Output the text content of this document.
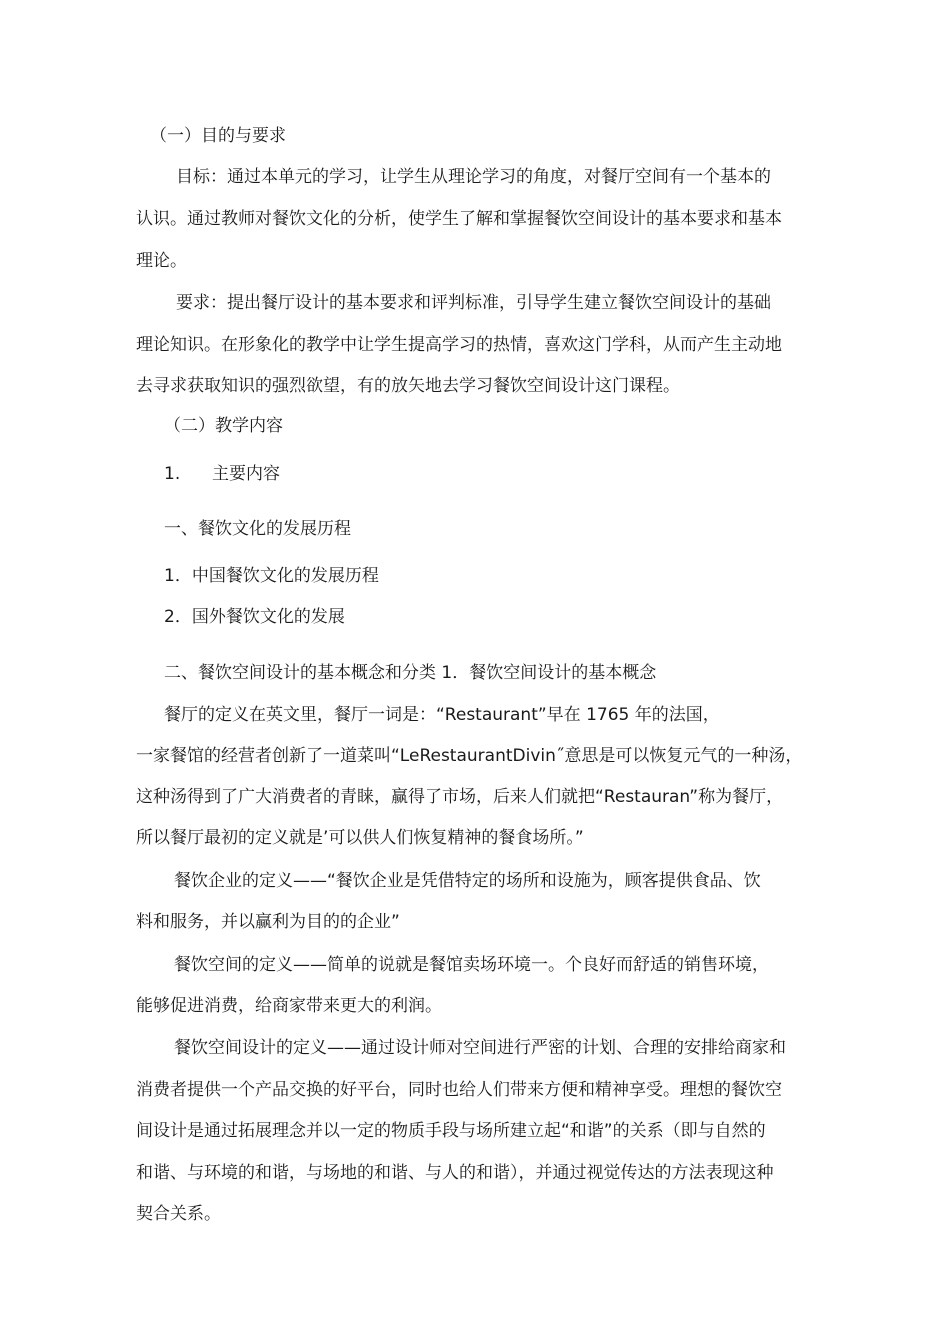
（一）目的与要求
目标：通过本单元的学习，让学生从理论学习的角度，对餐厅空间有一个基本的
认识。通过教师对餐饮文化的分析，使学生了解和掌握餐饮空间设计的基本要求和基本
理论。
要求：提出餐厅设计的基本要求和评判标准，引导学生建立餐饮空间设计的基础
理论知识。在形象化的教学中让学生提高学习的热情，喜欢这门学科，从而产生主动地
去寻求获取知识的强烈欲望，有的放矢地去学习餐饮空间设计这门课程。
（二）教学内容
1. 主要内容
一、餐饮文化的发展历程
1．中国餐饮文化的发展历程
2．国外餐饮文化的发展
二、餐饮空间设计的基本概念和分类 1．餐饮空间设计的基本概念
餐厅的定义在英文里，餐厅一词是：“Restaurant”早在 1765 年的法国，
一家餐馆的经营者创新了一道菜叫“LeRestaurantDivin˝意思是可以恢复元气的一种汤，
这种汤得到了广大消费者的青睐，赢得了市场，后来人们就把“Restauran”称为餐厅，
所以餐厅最初的定义就是’可以供人们恢复精神的餐食场所。”
餐饮企业的定义——“餐饮企业是凭借特定的场所和设施为，顾客提供食品、饮
料和服务，并以赢利为目的的企业”
餐饮空间的定义——简单的说就是餐馆卖场环境一。个良好而舒适的销售环境，
能够促进消费，给商家带来更大的利润。
餐饮空间设计的定义——通过设计师对空间进行严密的计划、合理的安排给商家和
消费者提供一个产品交换的好平台，同时也给人们带来方便和精神享受。理想的餐饮空
间设计是通过拓展理念并以一定的物质手段与场所建立起“和谐”的关系（即与自然的
和谐、与环境的和谐，与场地的和谐、与人的和谐），并通过视觉传达的方法表现这种
契合关系。
